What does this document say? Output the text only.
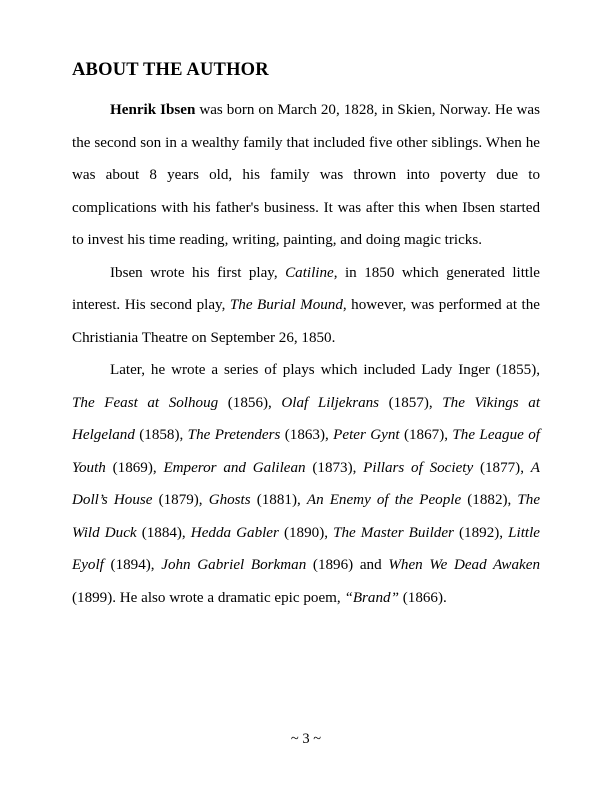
ABOUT THE AUTHOR

Henrik Ibsen was born on March 20, 1828, in Skien, Norway. He was the second son in a wealthy family that included five other siblings. When he was about 8 years old, his family was thrown into poverty due to complications with his father's business. It was after this when Ibsen started to invest his time reading, writing, painting, and doing magic tricks.

Ibsen wrote his first play, Catiline, in 1850 which generated little interest. His second play, The Burial Mound, however, was performed at the Christiania Theatre on September 26, 1850.

Later, he wrote a series of plays which included Lady Inger (1855), The Feast at Solhoug (1856), Olaf Liljekrans (1857), The Vikings at Helgeland (1858), The Pretenders (1863), Peter Gynt (1867), The League of Youth (1869), Emperor and Galilean (1873), Pillars of Society (1877), A Doll’s House (1879), Ghosts (1881), An Enemy of the People (1882), The Wild Duck (1884), Hedda Gabler (1890), The Master Builder (1892), Little Eyolf (1894), John Gabriel Borkman (1896) and When We Dead Awaken (1899). He also wrote a dramatic epic poem, “Brand” (1866).

~ 3 ~
